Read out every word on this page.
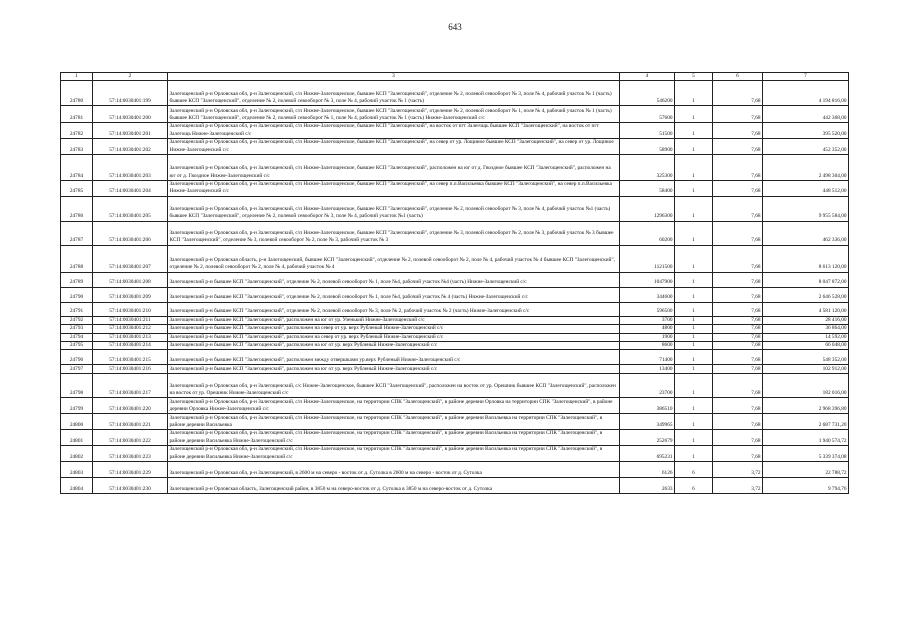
643
1	2	3	4	5	6	7
24780	57:14:0030401:199	Залегощенский р-н Орловская обл, р-н Залегощенский, с/п Нижне-Залегощенское, бывшее КСП "Залегощенский", отделение № 2, полевой севооборот № 3, поле № 4, рабочий участок № 1 (часть) бывшее КСП "Залегощенский", отделение № 2, полевой севооборот № 3, поле № 4, рабочий участок № 1 (часть)	546200	1	7,68	4 194 816,00
24781	57:14:0030401:200	Залегощенский р-н Орловская обл, р-н Залегощенский, с/п Нижне-Залегощенское, бывшее КСП "Залегощенский", отделение № 2, полевой севооборот № 1, поле № 4, рабочий участок № 1 (часть) бывшее КСП "Залегощенский", отделение № 2, полевой севооборот № 1, поле № 4, рабочий участок № 1 (часть) Нижне-Залегощенский с/с	57600	1	7,68	442 368,00
24782	57:14:0030401:201	Залегощенский р-н Орловская обл, р-н Залегощенский, с/п Нижне-Залегощенское, бывшее КСП "Залегощенский", на восток от пгт Залегощь бывшее КСП "Залегощенский", на восток от пгт Залегощь Нижне-Залегощенский с/с	51500	1	7,68	395 520,00
24783	57:14:0030401:202	Залегощенский р-н Орловская обл, р-н Залегощенский, с/п Нижне-Залегощенское, бывшее КСП "Залегощенский", на север от ур. Лощиное бывшее КСП "Залегощенский", на север от ур. Лощиное Нижне-Залегощенский с/с	58900	1	7,68	452 352,00
24784	57:14:0030401:203	Залегощенский р-н Орловская обл, р-н Залегощенский, с/п Нижне-Залегощенское, бывшее КСП "Залегощенский", расположен на юг от д. Гвоздное бывшее КСП "Залегощенский", расположен на юг от д. Гвоздное Нижне-Залегощенский с/с	325300	1	7,68	2 498 304,00
24785	57:14:0030401:204	Залегощенский р-н Орловская обл, р-н Залегощенский, с/п Нижне-Залегощенское, бывшее КСП "Залегощенский", на север п.п.Васильевка бывшее КСП "Залегощенский", на север п.п.Васильевка Нижне-Залегощенский с/с	58400	1	7,68	448 512,00
24786	57:14:0030401:205	Залегощенский р-н Орловская обл, р-н Залегощенский, с/п Нижне-Залегощенское, бывшее КСП "Залегощенский", отделение № 2, полевой севооборот № 3, поле № 4, рабочий участок №1 (часть) бывшее КСП "Залегощенский", отделение № 2, полевой севооборот № 3, поле № 4, рабочий участок №1 (часть)	1296300	1	7,68	9 955 584,00
24787	57:14:0030401:206	Залегощенский р-н Орловская обл, р-н Залегощенский, с/п Нижне-Залегощенское, бывшее КСП "Залегощенский", отделение № 3, полевой севооборот № 2, поле № 3, рабочий участок № 3 бывшее КСП "Залегощенский", отделение № 3, полевой севооборот № 2, поле № 3, рабочий участок № 3	60200	1	7,68	462 336,00
24788	57:14:0030401:207	Залегощенский р-н Орловская область, р-н Залегощенский, бывшее КСП "Залегощенский", отделение № 2, полевой севооборот № 2, поле № 4, рабочий участок № 4 бывшее КСП "Залегощенский", отделение № 2, полевой севооборот № 2, поле № 4, рабочий участок № 4	1121500	1	7,68	8 613 120,00
24789	57:14:0030401:208	Залегощенский р-н бывшее КСП "Залегощенский", отделение № 2, полевой севооборот № 1, поле №4, рабочий участок №4 (часть) Нижне-Залегощенский с/с	1047900	1	7,68	8 047 872,00
24790	57:14:0030401:209	Залегощенский р-н бывшее КСП "Залегощенский", отделение № 2, полевой севооборот № 1, поле №4, рабочий участок № 4 (часть) Нижне-Залегощенский с/с	344600	1	7,68	2 646 528,00
24791	57:14:0030401:210	Залегощенский р-н бывшее КСП "Залегощенский", отделение № 2, полевой севооборот № 3, поле № 2, рабочий участок № 2 (часть) Нижне-Залегощенский с/с	596500	1	7,68	4 581 120,00
24792	57:14:0030401:211	Залегощенский р-н бывшее КСП "Залегощенский", расположен на юг от ур. Узенький Нижне-Залегощенский с/с	3700	1	7,68	28 416,00
24793	57:14:0030401:212	Залегощенский р-н бывшее КСП "Залегощенский", расположен на север от ур. верх Рубленый Нижне-Залегощенский с/с	4800	1	7,68	36 864,00
24794	57:14:0030401:213	Залегощенский р-н бывшее КСП "Залегощенский", расположен на север от ур. верх Рубленый Нижне-Залегощенский с/с	1900	1	7,68	14 592,00
24795	57:14:0030401:214	Залегощенский р-н бывшее КСП "Залегощенский", расположен на юг от ур. верх Рубленый Нижне-Залегощенский с/с	8600	1	7,68	66 048,00
24796	57:14:0030401:215	Залегощенский р-н бывшее КСП "Залегощенский", расположен между отвершками ур.верх Рубленый Нижне-Залегощенский с/с	71400	1	7,68	548 352,00
24797	57:14:0030401:216	Залегощенский р-н бывшее КСП "Залегощенский", расположен на юг от ур. верх Рубленый Нижне-Залегощенский с/с	13400	1	7,68	102 912,00
24798	57:14:0030401:217	Залегощенский р-н Орловская обл, р-н Залегощенский, с/с Нижне-Залегощенское, бывшее КСП "Залегощенский", расположен на восток от ур. Орешник бывшее КСП "Залегощенский", расположен на восток от ур. Орешник Нижне-Залегощенский с/с	23700	1	7,68	182 016,00
24799	57:14:0030401:220	Залегощенский р-н Орловская обл, р-н Залегощенский, с/п Нижне-Залегощенское, на территории СПК "Залегощенский", в районе деревни Орловка на территории СПК "Залегощенский", в районе деревни Орловка Нижне-Залегощенский с/с	386510	1	7,68	2 968 396,80
24800	57:14:0030401:221	Залегощенский р-н Орловская обл, р-н Залегощенский, с/п Нижне-Залегощенское, на территории СПК "Залегощенский", в районе деревни Васильевка на территории СПК "Залегощенский", в районе деревни Васильевка	349965	1	7,68	2 687 731,20
24801	57:14:0030401:222	Залегощенский р-н Орловская обл, р-н Залегощенский, с/п Нижне-Залегощенское, на территории СПК "Залегощенский", в районе деревни Васильевка на территории СПК "Залегощенский", в районе деревни Васильевка Нижне-Залегощенский с/с	252679	1	7,68	1 940 574,72
24802	57:14:0030401:223	Залегощенский р-н Орловская обл, р-н Залегощенский, с/п Нижне-Залегощенское, на территории СПК "Залегощенский", в районе деревни Васильевка на территории СПК "Залегощенский", в районе деревни Васильевка Нижне-Залегощенский с/с	695231	1	7,68	5 339 374,08
24803	57:14:0030401:229	Залегощенский р-н Орловская обл, р-н Залегощенский, в 2600 м на северо - восток от д. Сутолка в 2600 м на северо - восток от д. Сутолка	6126	6	3,72	22 788,72
24804	57:14:0030401:230	Залегощенский р-н Орловская область, Залегощенский район, в 3850 м на северо-восток от д. Сутолка в 3850 м на северо-восток от д. Сутолка	2633	6	3,72	9 794,76
